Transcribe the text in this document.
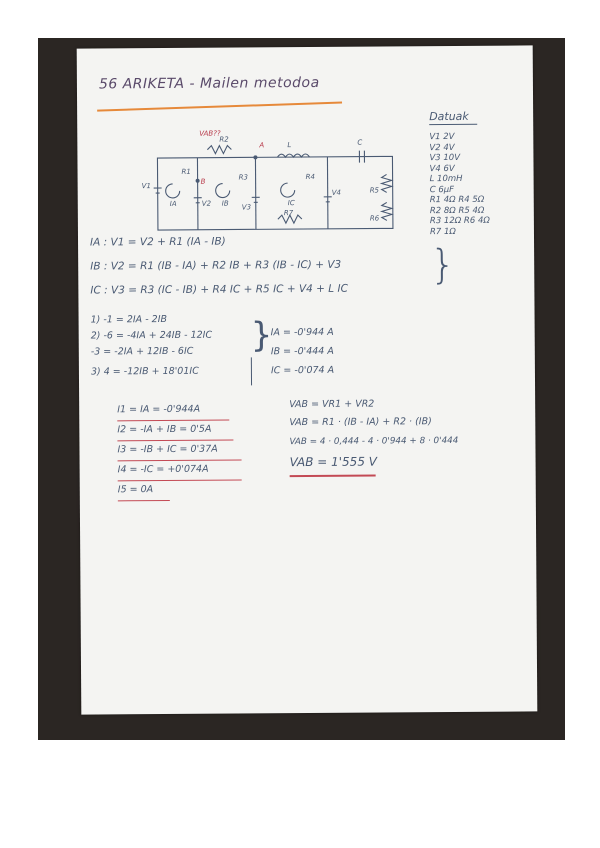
56 ARIKETA - Mailen metodoa
VAB??
A
B
L	C
R1
R2
R3	R4
R5
R6
R7
V1
V2	V3
V4
IA	IB	IC
Datuak
V1 2V
V2 4V
V3 10V
V4 6V
L 10mH
C 6μF
R1 4Ω R4 5Ω
R2 8Ω R5 4Ω
R3 12Ω R6 4Ω
R7 1Ω
IA : V1 = V2 + R1 (IA - IB)
IB : V2 = R1 (IB - IA) + R2 IB + R3 (IB - IC) + V3
IC : V3 = R3 (IC - IB) + R4 IC + R5 IC + V4 + L IC
}
1) -1 = 2IA - 2IB
2) -6 = -4IA + 24IB - 12IC
-3 = -2IA + 12IB - 6IC
3) 4 = -12IB + 18'01IC
}
IA = -0'944 A
IB = -0'444 A
IC = -0'074 A
I1 = IA = -0'944A
I2 = -IA + IB = 0'5A
I3 = -IB + IC = 0'37A
I4 = -IC = +0'074A
I5 = 0A
VAB = VR1 + VR2
VAB = R1 · (IB - IA) + R2 · (IB)
VAB = 4 · 0,444 - 4 · 0'944 + 8 · 0'444
VAB = 1'555 V
